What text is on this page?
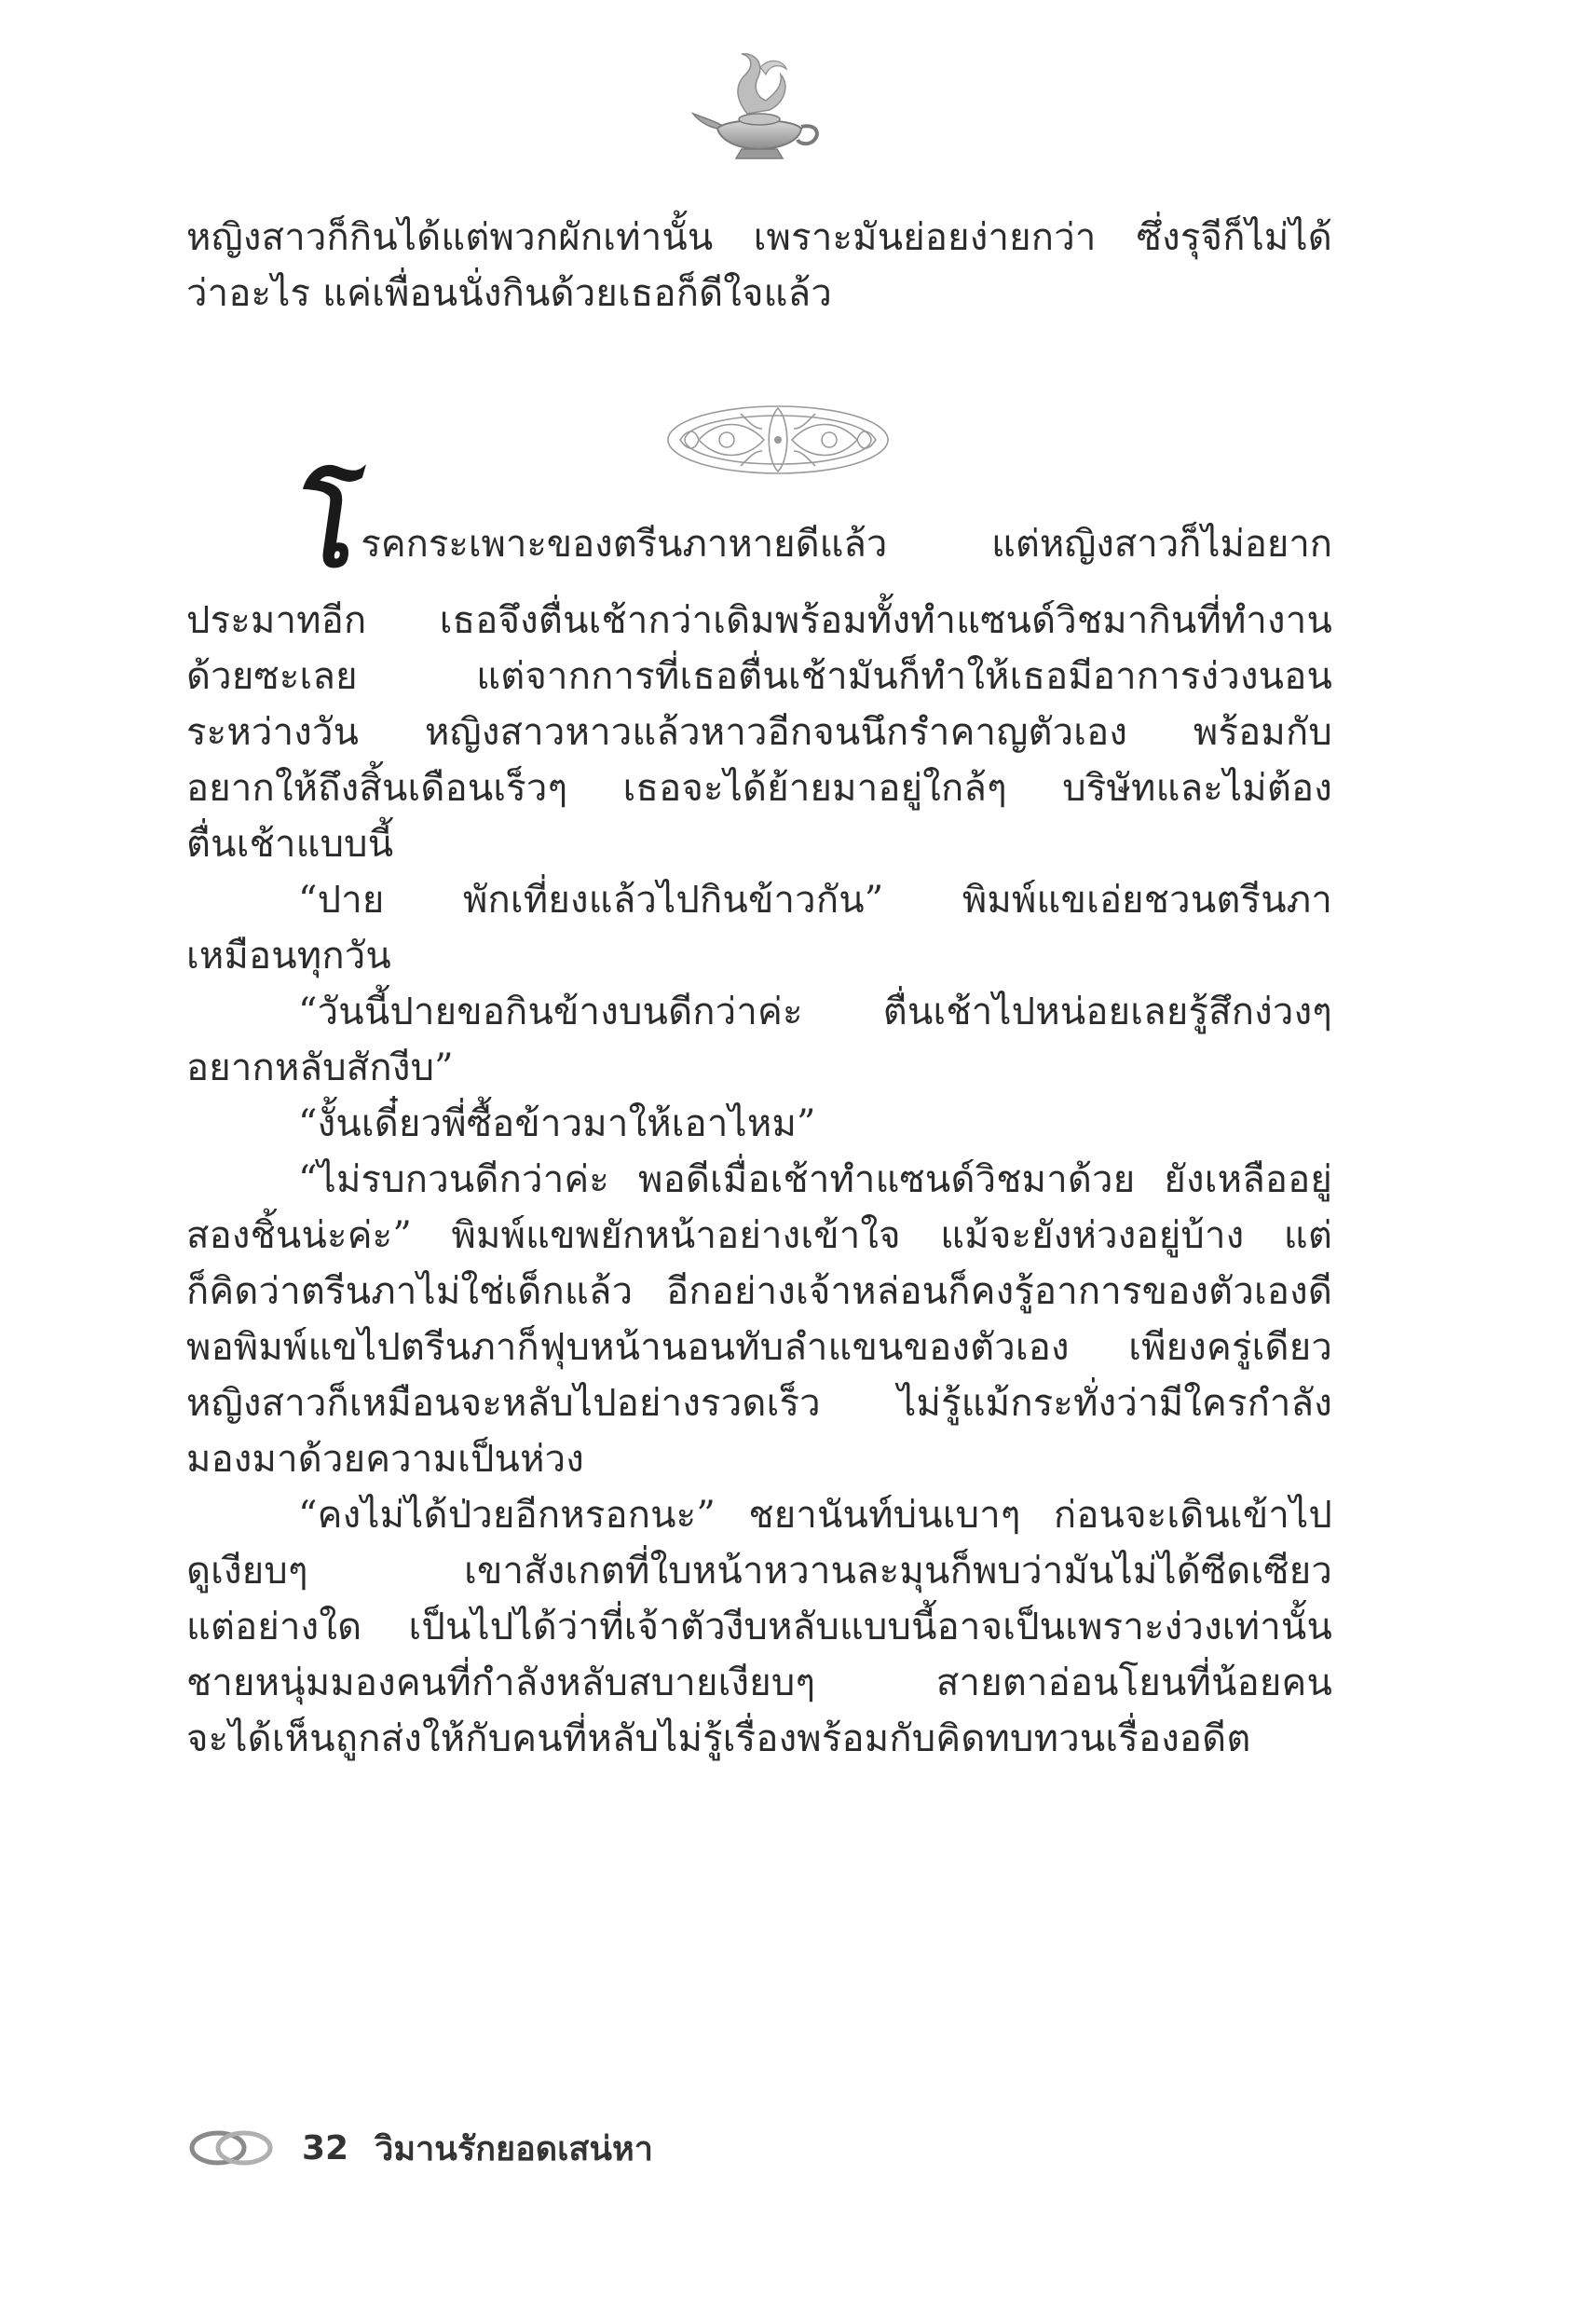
หญิงสาวก็กินได้แต่พวกผักเท่านั้น เพราะมันย่อยง่ายกว่า ซึ่งรุจีก็ไม่ได้
ว่าอะไร แค่เพื่อนนั่งกินด้วยเธอก็ดีใจแล้ว
โ
รคกระเพาะของตรีนภาหายดีแล้ว แต่หญิงสาวก็ไม่อยาก
ประมาทอีก เธอจึงตื่นเช้ากว่าเดิมพร้อมทั้งทำแซนด์วิชมากินที่ทำงาน
ด้วยซะเลย แต่จากการที่เธอตื่นเช้ามันก็ทำให้เธอมีอาการง่วงนอน
ระหว่างวัน หญิงสาวหาวแล้วหาวอีกจนนึกรำคาญตัวเอง พร้อมกับ
อยากให้ถึงสิ้นเดือนเร็วๆ เธอจะได้ย้ายมาอยู่ใกล้ๆ บริษัทและไม่ต้อง
ตื่นเช้าแบบนี้
“ปาย พักเที่ยงแล้วไปกินข้าวกัน” พิมพ์แขเอ่ยชวนตรีนภา
เหมือนทุกวัน
“วันนี้ปายขอกินข้างบนดีกว่าค่ะ ตื่นเช้าไปหน่อยเลยรู้สึกง่วงๆ
อยากหลับสักงีบ”
“งั้นเดี๋ยวพี่ซื้อข้าวมาให้เอาไหม”
“ไม่รบกวนดีกว่าค่ะ พอดีเมื่อเช้าทำแซนด์วิชมาด้วย ยังเหลืออยู่
สองชิ้นน่ะค่ะ” พิมพ์แขพยักหน้าอย่างเข้าใจ แม้จะยังห่วงอยู่บ้าง แต่
ก็คิดว่าตรีนภาไม่ใช่เด็กแล้ว อีกอย่างเจ้าหล่อนก็คงรู้อาการของตัวเองดี
พอพิมพ์แขไปตรีนภาก็ฟุบหน้านอนทับลำแขนของตัวเอง เพียงครู่เดียว
หญิงสาวก็เหมือนจะหลับไปอย่างรวดเร็ว ไม่รู้แม้กระทั่งว่ามีใครกำลัง
มองมาด้วยความเป็นห่วง
“คงไม่ได้ป่วยอีกหรอกนะ” ชยานันท์บ่นเบาๆ ก่อนจะเดินเข้าไป
ดูเงียบๆ เขาสังเกตที่ใบหน้าหวานละมุนก็พบว่ามันไม่ได้ซีดเซียว
แต่อย่างใด เป็นไปได้ว่าที่เจ้าตัวงีบหลับแบบนี้อาจเป็นเพราะง่วงเท่านั้น
ชายหนุ่มมองคนที่กำลังหลับสบายเงียบๆ สายตาอ่อนโยนที่น้อยคน
จะได้เห็นถูกส่งให้กับคนที่หลับไม่รู้เรื่องพร้อมกับคิดทบทวนเรื่องอดีต
32 วิมานรักยอดเสน่หา
